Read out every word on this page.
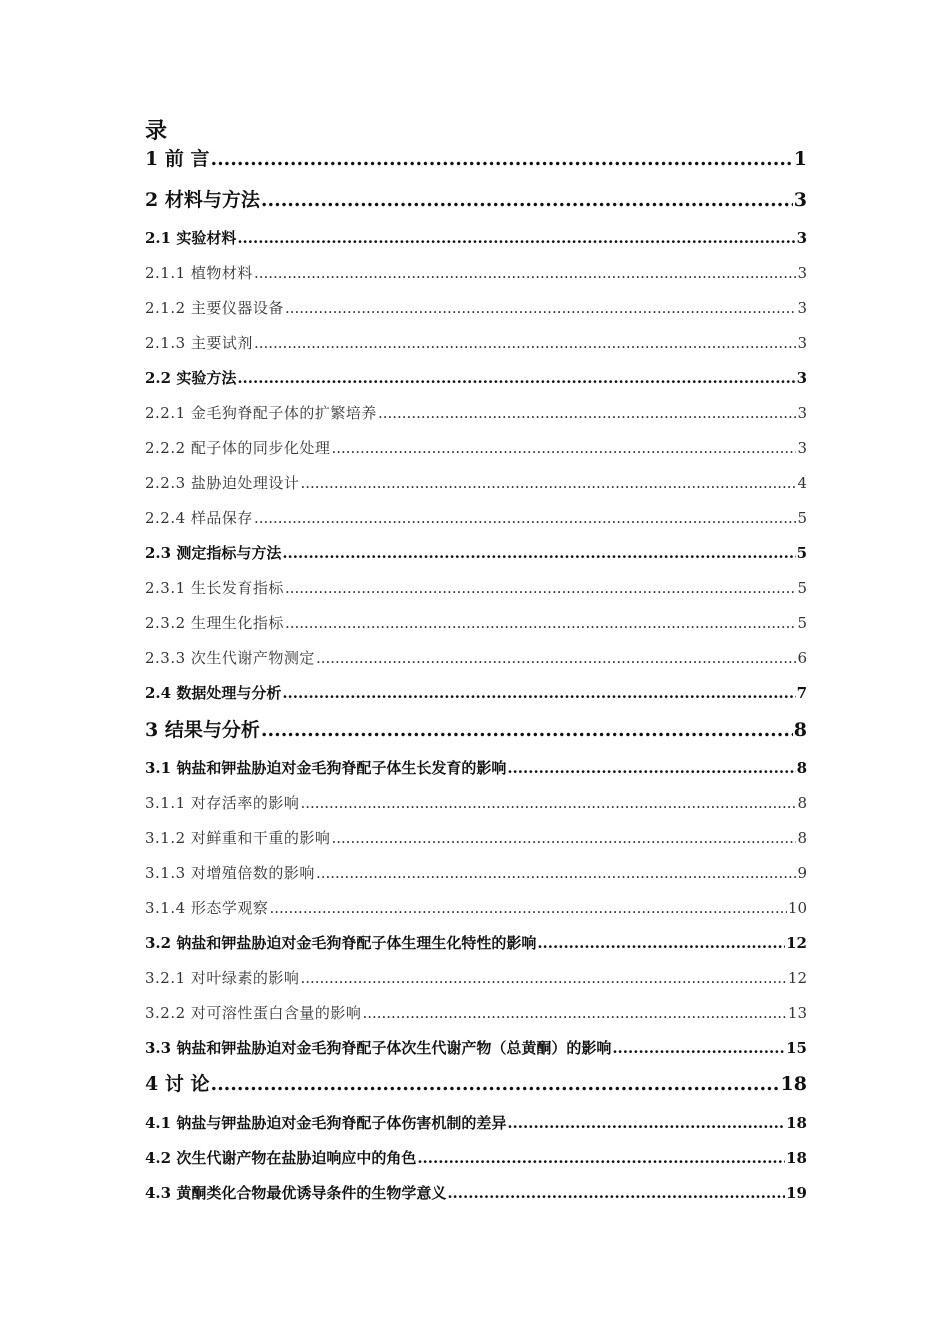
录
1 前 言 .....	1
2 材料与方法 .....	3
2.1 实验材料 .....	3
2.1.1 植物材料 .....	3
2.1.2 主要仪器设备 .....	3
2.1.3 主要试剂 .....	3
2.2 实验方法 .....	3
2.2.1 金毛狗脊配子体的扩繁培养 .....	3
2.2.2 配子体的同步化处理 .....	3
2.2.3 盐胁迫处理设计 .....	4
2.2.4 样品保存 .....	5
2.3 测定指标与方法 .....	5
2.3.1 生长发育指标 .....	5
2.3.2 生理生化指标 .....	5
2.3.3 次生代谢产物测定 .....	6
2.4 数据处理与分析 .....	7
3 结果与分析 .....	8
3.1 钠盐和钾盐胁迫对金毛狗脊配子体生长发育的影响 .....	8
3.1.1 对存活率的影响 .....	8
3.1.2 对鲜重和干重的影响 .....	8
3.1.3 对增殖倍数的影响 .....	9
3.1.4 形态学观察 .....	10
3.2 钠盐和钾盐胁迫对金毛狗脊配子体生理生化特性的影响 .....	12
3.2.1 对叶绿素的影响 .....	12
3.2.2 对可溶性蛋白含量的影响 .....	13
3.3 钠盐和钾盐胁迫对金毛狗脊配子体次生代谢产物（总黄酮）的影响 .....	15
4 讨 论 .....	18
4.1 钠盐与钾盐胁迫对金毛狗脊配子体伤害机制的差异 .....	18
4.2 次生代谢产物在盐胁迫响应中的角色 .....	18
4.3 黄酮类化合物最优诱导条件的生物学意义 .....	19
